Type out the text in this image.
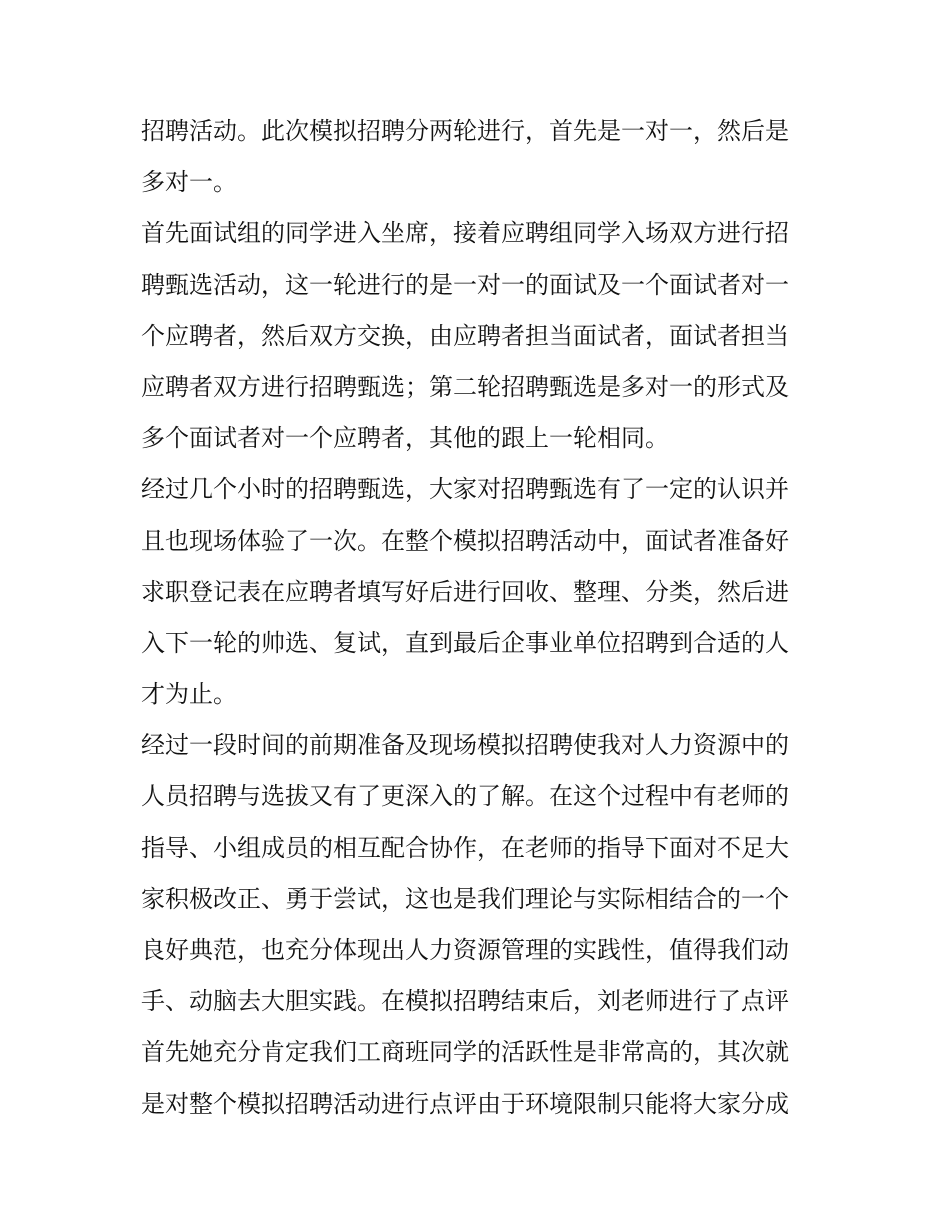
招聘活动。此次模拟招聘分两轮进行，首先是一对一，然后是
多对一。
首先面试组的同学进入坐席，接着应聘组同学入场双方进行招
聘甄选活动，这一轮进行的是一对一的面试及一个面试者对一
个应聘者，然后双方交换，由应聘者担当面试者，面试者担当
应聘者双方进行招聘甄选；第二轮招聘甄选是多对一的形式及
多个面试者对一个应聘者，其他的跟上一轮相同。
经过几个小时的招聘甄选，大家对招聘甄选有了一定的认识并
且也现场体验了一次。在整个模拟招聘活动中，面试者准备好
求职登记表在应聘者填写好后进行回收、整理、分类，然后进
入下一轮的帅选、复试，直到最后企事业单位招聘到合适的人
才为止。
经过一段时间的前期准备及现场模拟招聘使我对人力资源中的
人员招聘与选拔又有了更深入的了解。在这个过程中有老师的
指导、小组成员的相互配合协作，在老师的指导下面对不足大
家积极改正、勇于尝试，这也是我们理论与实际相结合的一个
良好典范，也充分体现出人力资源管理的实践性，值得我们动
手、动脑去大胆实践。在模拟招聘结束后，刘老师进行了点评
首先她充分肯定我们工商班同学的活跃性是非常高的，其次就
是对整个模拟招聘活动进行点评由于环境限制只能将大家分成
